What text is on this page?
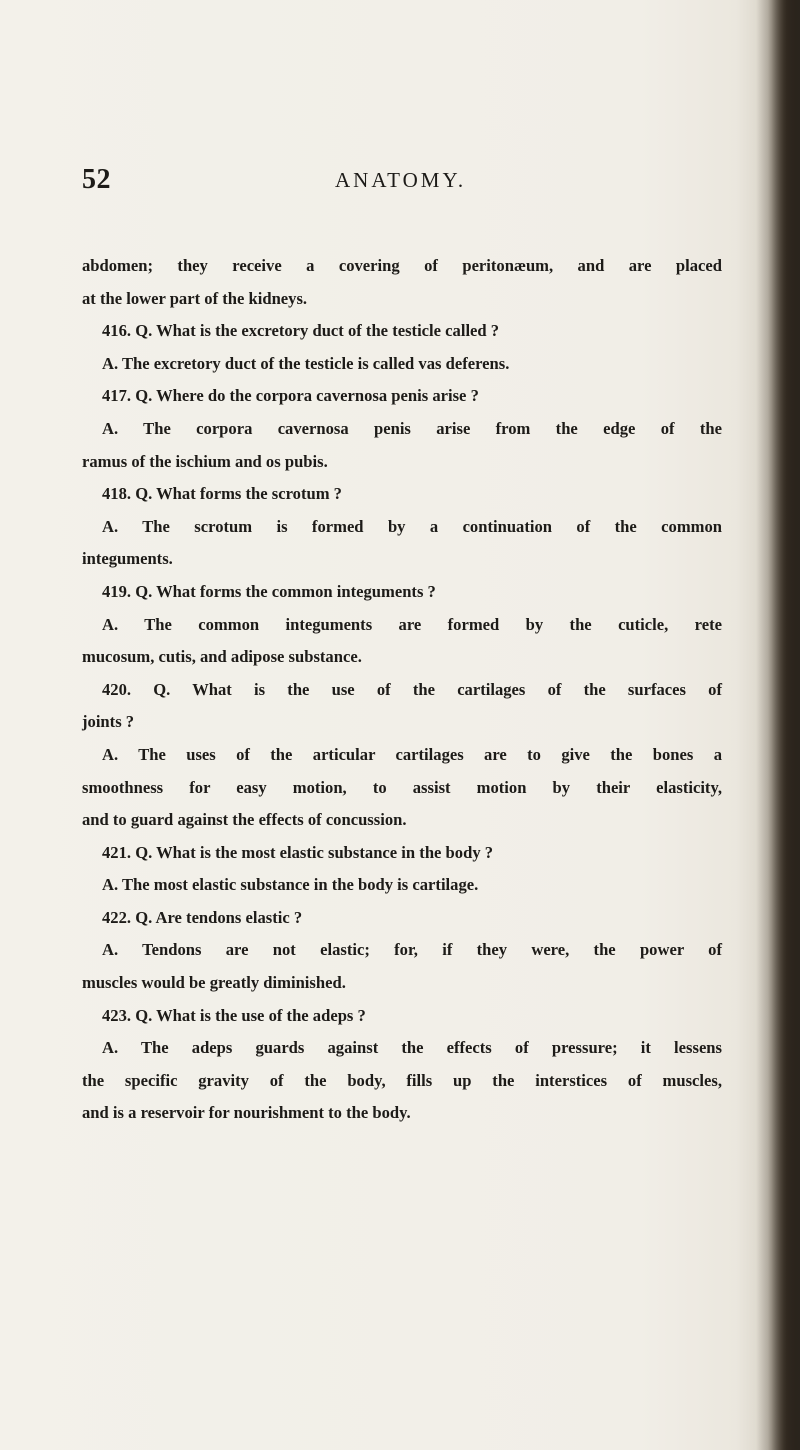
52	ANATOMY.
abdomen; they receive a covering of peritonæum, and are placed
at the lower part of the kidneys.
416. Q. What is the excretory duct of the testicle called ?
A. The excretory duct of the testicle is called vas deferens.
417. Q. Where do the corpora cavernosa penis arise ?
A. The corpora cavernosa penis arise from the edge of the
ramus of the ischium and os pubis.
418. Q. What forms the scrotum ?
A. The scrotum is formed by a continuation of the common
integuments.
419. Q. What forms the common integuments ?
A. The common integuments are formed by the cuticle, rete
mucosum, cutis, and adipose substance.
420. Q. What is the use of the cartilages of the surfaces of
joints ?
A. The uses of the articular cartilages are to give the bones a
smoothness for easy motion, to assist motion by their elasticity,
and to guard against the effects of concussion.
421. Q. What is the most elastic substance in the body ?
A. The most elastic substance in the body is cartilage.
422. Q. Are tendons elastic ?
A. Tendons are not elastic; for, if they were, the power of
muscles would be greatly diminished.
423. Q. What is the use of the adeps ?
A. The adeps guards against the effects of pressure; it lessens
the specific gravity of the body, fills up the interstices of muscles,
and is a reservoir for nourishment to the body.
